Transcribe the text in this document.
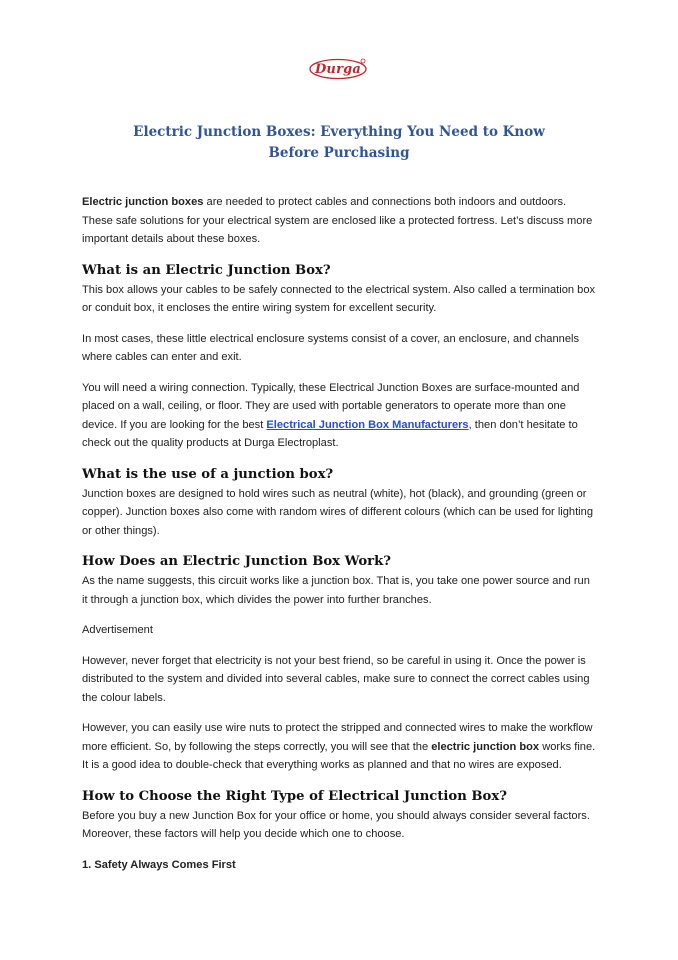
Durga
Electric Junction Boxes: Everything You Need to Know
Before Purchasing

Electric junction boxes are needed to protect cables and connections both indoors and outdoors. These safe solutions for your electrical system are enclosed like a protected fortress. Let’s discuss more important details about these boxes.

What is an Electric Junction Box?

This box allows your cables to be safely connected to the electrical system. Also called a termination box or conduit box, it encloses the entire wiring system for excellent security.

In most cases, these little electrical enclosure systems consist of a cover, an enclosure, and channels where cables can enter and exit.

You will need a wiring connection. Typically, these Electrical Junction Boxes are surface-mounted and placed on a wall, ceiling, or floor. They are used with portable generators to operate more than one device. If you are looking for the best Electrical Junction Box Manufacturers, then don’t hesitate to check out the quality products at Durga Electroplast.

What is the use of a junction box?

Junction boxes are designed to hold wires such as neutral (white), hot (black), and grounding (green or copper). Junction boxes also come with random wires of different colours (which can be used for lighting or other things).

How Does an Electric Junction Box Work?

As the name suggests, this circuit works like a junction box. That is, you take one power source and run it through a junction box, which divides the power into further branches.

Advertisement

However, never forget that electricity is not your best friend, so be careful in using it. Once the power is distributed to the system and divided into several cables, make sure to connect the correct cables using the colour labels.

However, you can easily use wire nuts to protect the stripped and connected wires to make the workflow more efficient. So, by following the steps correctly, you will see that the electric junction box works fine. It is a good idea to double-check that everything works as planned and that no wires are exposed.

How to Choose the Right Type of Electrical Junction Box?

Before you buy a new Junction Box for your office or home, you should always consider several factors. Moreover, these factors will help you decide which one to choose.

1. Safety Always Comes First
